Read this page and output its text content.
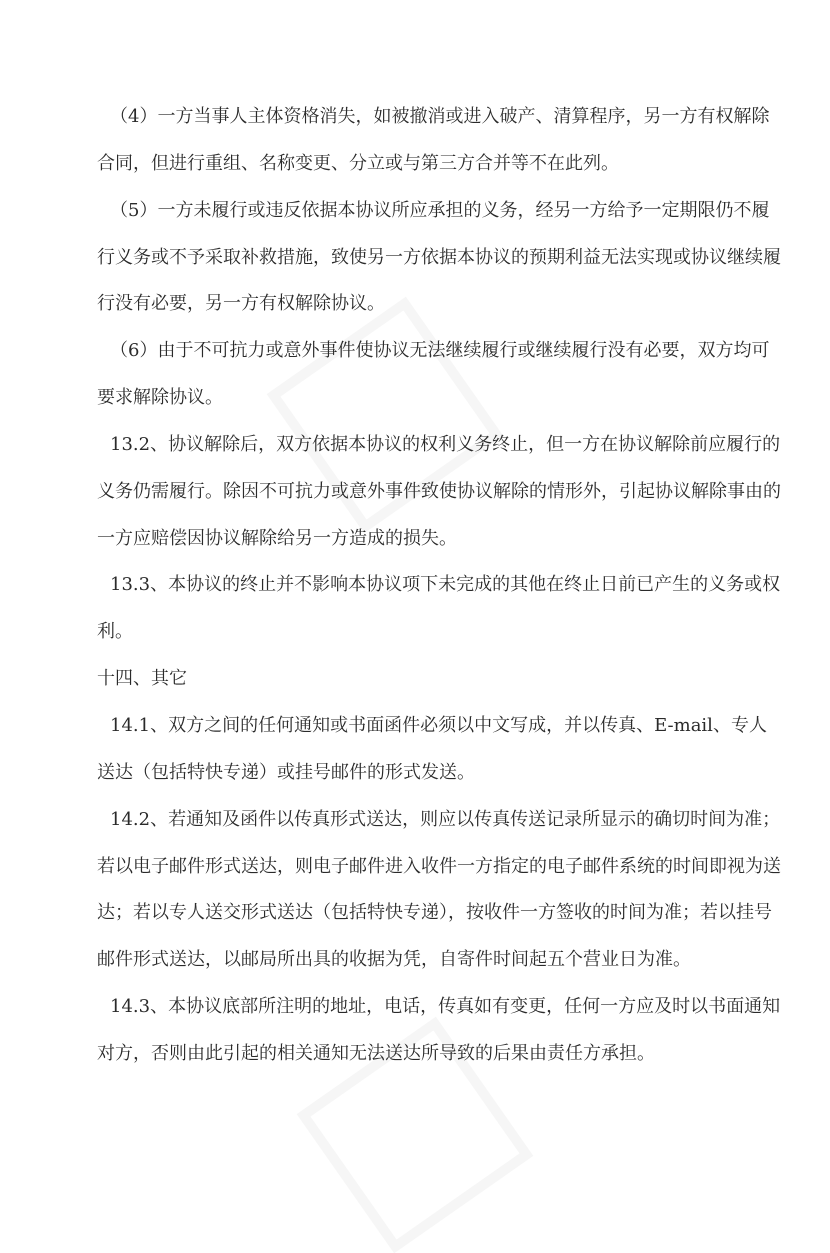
（4）一方当事人主体资格消失，如被撤消或进入破产、清算程序，另一方有权解除
合同，但进行重组、名称变更、分立或与第三方合并等不在此列。
（5）一方未履行或违反依据本协议所应承担的义务，经另一方给予一定期限仍不履
行义务或不予采取补救措施，致使另一方依据本协议的预期利益无法实现或协议继续履
行没有必要，另一方有权解除协议。
（6）由于不可抗力或意外事件使协议无法继续履行或继续履行没有必要，双方均可
要求解除协议。
13.2、协议解除后，双方依据本协议的权利义务终止，但一方在协议解除前应履行的
义务仍需履行。除因不可抗力或意外事件致使协议解除的情形外，引起协议解除事由的
一方应赔偿因协议解除给另一方造成的损失。
13.3、本协议的终止并不影响本协议项下未完成的其他在终止日前已产生的义务或权
利。
十四、其它
14.1、双方之间的任何通知或书面函件必须以中文写成，并以传真、E-mail、专人
送达（包括特快专递）或挂号邮件的形式发送。
14.2、若通知及函件以传真形式送达，则应以传真传送记录所显示的确切时间为准；
若以电子邮件形式送达，则电子邮件进入收件一方指定的电子邮件系统的时间即视为送
达；若以专人送交形式送达（包括特快专递），按收件一方签收的时间为准；若以挂号
邮件形式送达，以邮局所出具的收据为凭，自寄件时间起五个营业日为准。
14.3、本协议底部所注明的地址，电话，传真如有变更，任何一方应及时以书面通知
对方，否则由此引起的相关通知无法送达所导致的后果由责任方承担。
